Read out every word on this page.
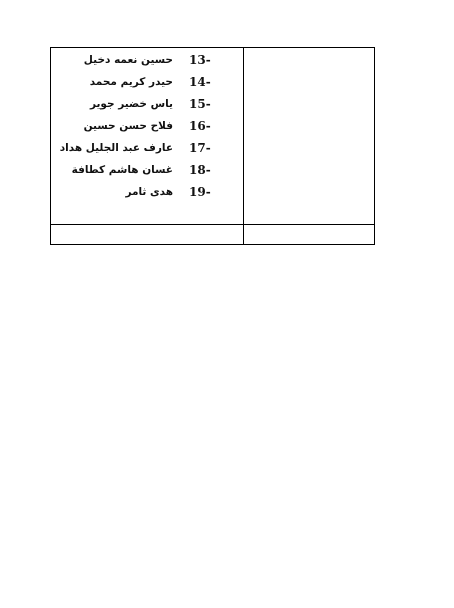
13-
حسين نعمه دخيل
14-
حيدر كريم محمد
15-
ياس خضير جوير
16-
فلاح حسن حسين
17-
عارف عبد الجليل هداد
18-
غسان هاشم كطافة
19-
هدى ثامر
